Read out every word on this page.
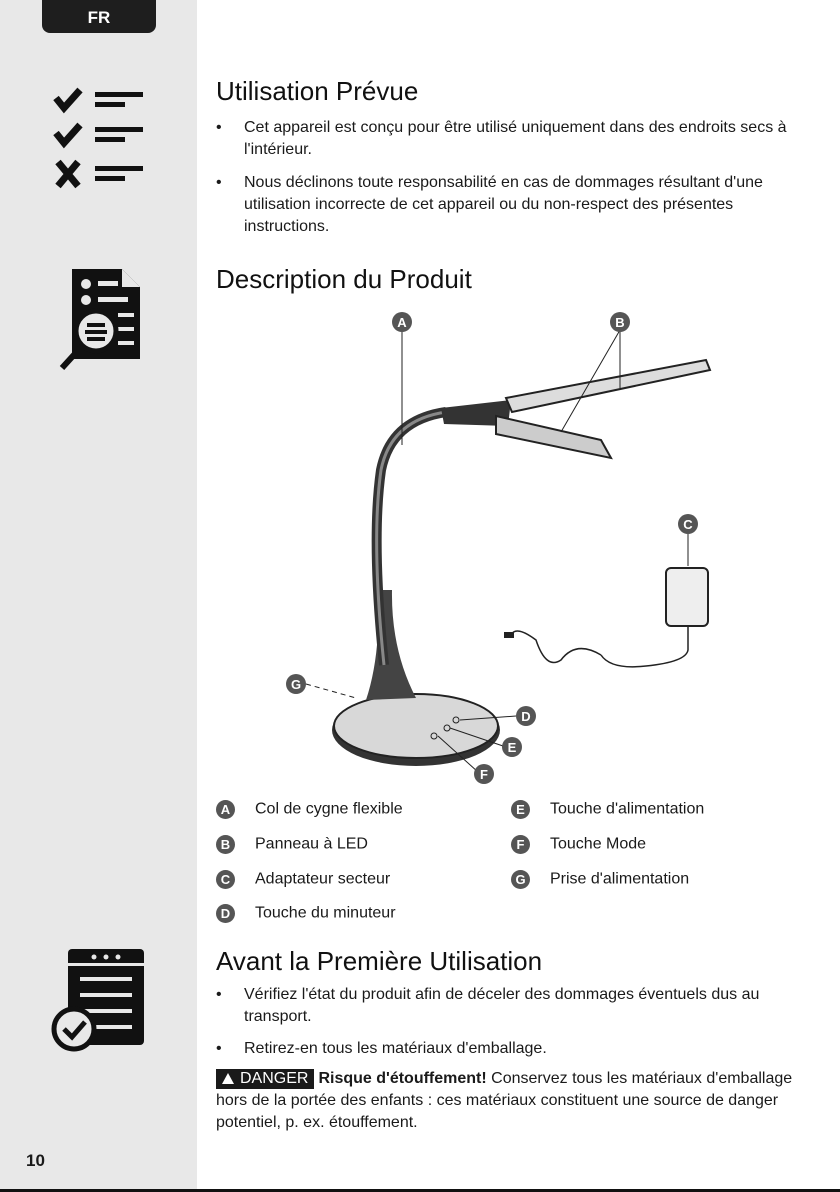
FR
10
Utilisation Prévue
•	Cet appareil est conçu pour être utilisé uniquement dans des endroits secs à l'intérieur.
•	Nous déclinons toute responsabilité en cas de dommages résultant d'une utilisation incorrecte de cet appareil ou du non-respect des présentes instructions.
Description du Produit
A Col de cygne flexible
B Panneau à LED
C Adaptateur secteur
D Touche du minuteur
E Touche d'alimentation
F Touche Mode
G Prise d'alimentation
Avant la Première Utilisation
•	Vérifiez l'état du produit afin de déceler des dommages éventuels dus au transport.
•	Retirez-en tous les matériaux d'emballage.
DANGER Risque d'étouffement! Conservez tous les matériaux d'emballage hors de la portée des enfants : ces matériaux constituent une source de danger potentiel, p. ex. étouffement.
A	B
C
D
E
F
G
